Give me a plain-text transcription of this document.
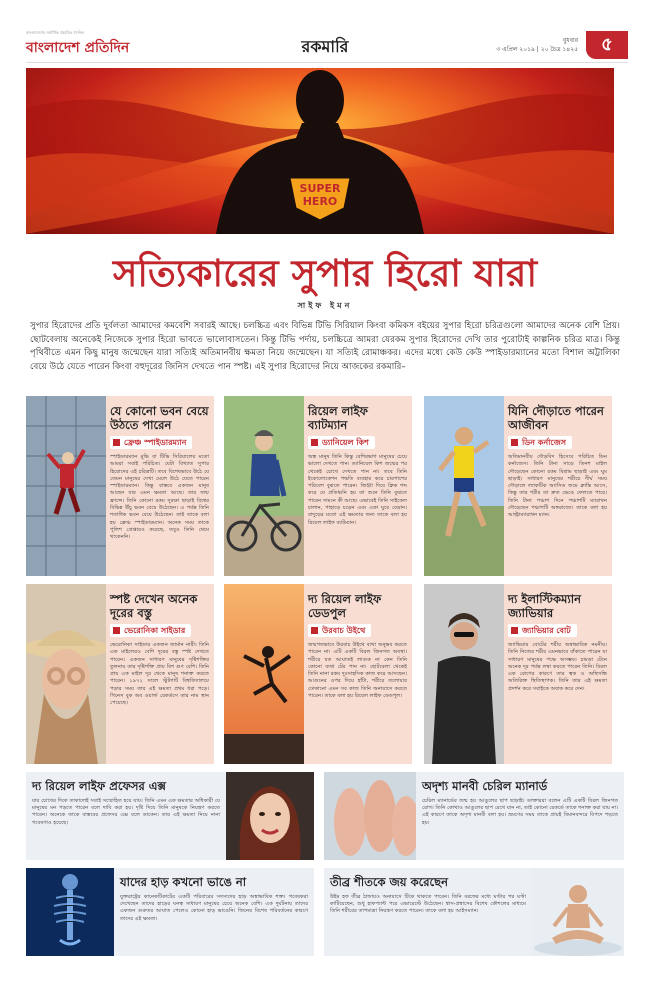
বাংলাদেশের সর্বাধিক প্রচারিত দৈনিক
বাংলাদেশ প্রতিদিন	রকমারি	বুধবার
৩ এপ্রিল ২০১৯ | ২০ চৈত্র ১৪২৫	৫
SUPER
HERO
সত্যিকারের সুপার হিরো যারা
সাইফ ইমন

সুপার হিরোদের প্রতি দুর্বলতা আমাদের কমবেশি সবারই আছে। চলচ্চিত্র এবং বিভিন্ন টিভি সিরিয়াল কিংবা কমিকস বইয়ের সুপার হিরো চরিত্রগুলো আমাদের অনেক বেশি প্রিয়। ছোটবেলায় অনেকেই নিজেকে সুপার হিরো ভাবতে ভালোবাসতেন। কিন্তু টিভি পর্দায়, চলচ্চিত্রে আমরা যেরকম সুপার হিরোদের দেখি তার পুরোটাই কাল্পনিক চরিত্র মাত্র। কিন্তু পৃথিবীতে এমন কিছু মানুষ জন্মেছেন যারা সত্যিই অতিমানবীয় ক্ষমতা নিয়ে জন্মেছেন। যা সত্যিই রোমাঞ্চকর। এদের মধ্যে কেউ কেউ স্পাইডারম্যানের মতো বিশাল অট্টালিকা বেয়ে উঠে যেতে পারেন কিংবা বহুদূরের জিনিস দেখতে পান স্পষ্ট। এই সুপার হিরোদের নিয়ে আজকের রকমারি–

যে কোনো ভবন বেয়ে উঠতে পারেন
ফ্রেঞ্চ স্পাইডারম্যান
স্পাইডারম্যান মুভি বা টিভি সিরিয়ালের মতো আমরা সবাই পরিচিত। যেটা বিখ্যাত সুপার হিরোদের এই চরিত্রটি। তবে বিশেষভাবে উঠে যে তেমন মানুষের দেখা মেলে উঠে যেতে পারেন স্পাইডারম্যান। কিন্তু বাস্তবে একজন মানুষ আছেন যার এমন ক্ষমতা আছে। তার জন্ম ফ্রান্সে। তিনি কোনো রকম সুরক্ষা ছাড়াই বিশ্বের বিভিন্ন উঁচু ভবন বেয়ে উঠেছেন। এ পর্যন্ত তিনি শতাধিক ভবন বেয়ে উঠেছেন। তাই তাকে বলা হয় ফ্রেঞ্চ স্পাইডারম্যান। অনেক সময় তাকে পুলিশ গ্রেপ্তারও করেছে, তবুও তিনি থেমে থাকেননি।
রিয়েল লাইফ ব্যাটম্যান
ড্যানিয়েল কিশ
অন্ধ মানুষ তিনি কিন্তু বেশিরভাগ মানুষের চেয়ে ভালো দেখতে পান। ড্যানিয়েল কিশ জন্মের পর থেকেই চোখে দেখতে পান না। তবে তিনি ইকোলোকেশন পদ্ধতি ব্যবহার করে চারপাশের পরিবেশ বুঝতে পারেন। জিহ্বা দিয়ে ক্লিক শব্দ করে যে প্রতিধ্বনি হয় তা শুনে তিনি বুঝতে পারেন সামনে কী আছে। এভাবেই তিনি সাইকেল চালান, পাহাড়ে চড়েন এবং একা ঘুরে বেড়ান। বাদুড়ের মতো এই ক্ষমতার জন্য তাকে বলা হয় রিয়েল লাইফ ব্যাটম্যান।
যিনি দৌড়াতে পারেন আজীবন
ডিন কর্নাজেস
অতিমানবীয় দৌড়বিদ হিসেবে পরিচিত ডিন কর্নাজেস। তিনি টানা সাড়ে তিনশ মাইল দৌড়েছেন কোনো রকম বিশ্রাম ছাড়াই এবং ঘুম ছাড়াই। সাধারণ মানুষের শরীরে দীর্ঘ সময় দৌড়ালে ল্যাকটিক অ্যাসিড জমে ক্লান্তি আসে, কিন্তু তার শরীর তা দ্রুত ভেঙে ফেলতে পারে। তিনি টানা পঞ্চাশ দিনে পঞ্চাশটি ম্যারাথন দৌড়েছেন পঞ্চাশটি অঙ্গরাজ্যে। তাকে বলা হয় আল্ট্রাম্যারাথন ম্যান।
স্পষ্ট দেখেন অনেক দূরের বস্তু
ভেরোনিকা সাইডার
ভেরোনিকা সাইডার একজন জার্মান নারী। তিনি এক মাইলেরও বেশি দূরের বস্তু স্পষ্ট দেখতে পারেন। একজন সাধারণ মানুষের দৃষ্টিশক্তির তুলনায় তার দৃষ্টিশক্তি প্রায় বিশ গুণ বেশি। তিনি প্রায় এক মাইল দূর থেকে মানুষ শনাক্ত করতে পারেন। ১৯৭২ সালে স্টুটগার্ট বিশ্ববিদ্যালয়ে পড়ার সময় তার এই ক্ষমতা প্রথম ধরা পড়ে। গিনেস বুক অব ওয়ার্ল্ড রেকর্ডসে তার নাম স্থান পেয়েছে।
দ্য রিয়েল লাইফ ডেডপুল
উরবাচ উইথে
জন্মগতভাবে উরবাচ উইথে ব্যথা অনুভব করতে পারেন না। এটি একটি বিরল জিনগত অবস্থা। শরীরে যত আঘাতই লাগুক না কেন তিনি কোনো ব্যথা টের পান না। ছোটবেলা থেকেই তিনি নানা রকম দুঃসাহসিক কাজ করে আসছেন। আগুনের ওপর দিয়ে হাঁটা, শরীরে তলোয়ার ঢোকানো এমন সব কাজ তিনি অনায়াসে করতে পারেন। তাকে বলা হয় রিয়েল লাইফ ডেডপুল।
দ্য ইলাস্টিকম্যান জ্যাভিয়ার
জ্যাভিয়ার বোট
জ্যাভিয়ার বোটের শরীর অস্বাভাবিক নমনীয়। তিনি নিজের শরীর এমনভাবে বাঁকাতে পারেন যা সাধারণ মানুষের পক্ষে অসম্ভব। চামড়া টেনে অনেক দূর পর্যন্ত লম্বা করতে পারেন তিনি। বিরল এক রোগের কারণে তার ত্বক ও অস্থিসন্ধি অতিরিক্ত স্থিতিস্থাপক। তিনি তার এই ক্ষমতা প্রদর্শন করে সবাইকে অবাক করে দেন।
দ্য রিয়েল লাইফ প্রফেসর এক্স
যার চোখের দিকে তাকালেই সবাই সম্মোহিত হয়ে যায়। তিনি এমন এক ক্ষমতার অধিকারী যে মানুষের মন পড়তে পারেন বলে দাবি করা হয়। দৃষ্টি দিয়ে তিনি মানুষকে নিয়ন্ত্রণ করতে পারেন। অনেকে তাকে বাস্তবের প্রফেসর এক্স বলে ডাকেন। তার এই ক্ষমতা নিয়ে নানা গবেষণাও হয়েছে।
অদৃশ্য মানবী চেরিল ম্যানার্ড
চেরিল ম্যানার্ডের জন্ম হয় আঙুলের ছাপ ছাড়াই। ডাক্তাররা বলেন এটি একটি বিরল জিনগত রোগ। তিনি কোথাও আঙুলের ছাপ রেখে যান না, তাই কোনো রেকর্ডে তাকে শনাক্ত করা যায় না। এই কারণে তাকে অদৃশ্য মানবী বলা হয়। ভ্রমণের সময় তাকে প্রায়ই বিমানবন্দরে বিপদে পড়তে হয়।
যাদের হাড় কখনো ভাঙে না
যুক্তরাষ্ট্রের কানেকটিকাটের একটি পরিবারের সদস্যদের হাড় অস্বাভাবিক শক্ত। গবেষকরা দেখেছেন তাদের হাড়ের ঘনত্ব সাধারণ মানুষের চেয়ে অনেক বেশি। এক দুর্ঘটনায় তাদের একজন গুরুতর আঘাত পেলেও কোনো হাড় ভাঙেনি। জিনের বিশেষ পরিবর্তনের কারণে তাদের এই ক্ষমতা।
তীব্র শীতকে জয় করেছেন
উইম হফ তীব্র ঠান্ডায়ও অনায়াসে টিকে থাকতে পারেন। তিনি বরফের মধ্যে ঘণ্টার পর ঘণ্টা কাটিয়েছেন, শুধু হাফপ্যান্ট পরে এভারেস্টে উঠেছেন। শ্বাস-প্রশ্বাসের বিশেষ কৌশলের মাধ্যমে তিনি শরীরের তাপমাত্রা নিয়ন্ত্রণ করতে পারেন। তাকে বলা হয় আইসম্যান।
